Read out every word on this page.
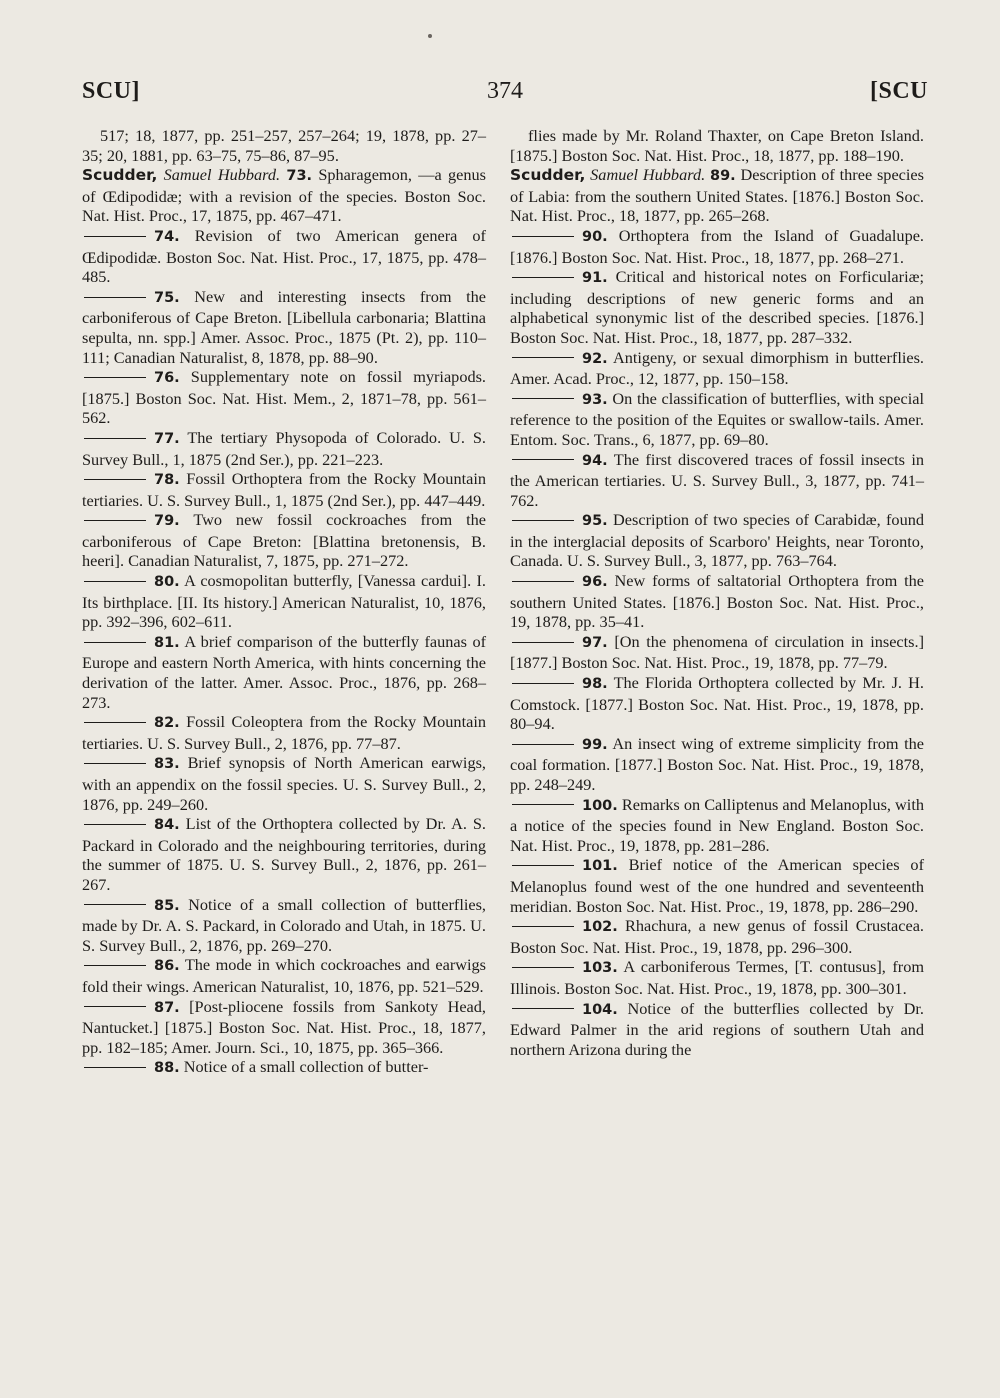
SCU]	374	[SCU
517; 18, 1877, pp. 251–257, 257–264; 19, 1878, pp. 27–35; 20, 1881, pp. 63–75, 75–86, 87–95.
Scudder, Samuel Hubbard. 73. Spharagemon, —a genus of Œdipodidæ; with a revision of the species. Boston Soc. Nat. Hist. Proc., 17, 1875, pp. 467–471.
74. Revision of two American genera of Œdipodidæ. Boston Soc. Nat. Hist. Proc., 17, 1875, pp. 478–485.
75. New and interesting insects from the carboniferous of Cape Breton. [Libellula carbonaria; Blattina sepulta, nn. spp.] Amer. Assoc. Proc., 1875 (Pt. 2), pp. 110–111; Canadian Naturalist, 8, 1878, pp. 88–90.
76. Supplementary note on fossil myriapods. [1875.] Boston Soc. Nat. Hist. Mem., 2, 1871–78, pp. 561–562.
77. The tertiary Physopoda of Colorado. U. S. Survey Bull., 1, 1875 (2nd Ser.), pp. 221–223.
78. Fossil Orthoptera from the Rocky Mountain tertiaries. U. S. Survey Bull., 1, 1875 (2nd Ser.), pp. 447–449.
79. Two new fossil cockroaches from the carboniferous of Cape Breton: [Blattina bretonensis, B. heeri]. Canadian Naturalist, 7, 1875, pp. 271–272.
80. A cosmopolitan butterfly, [Vanessa cardui]. I. Its birthplace. [II. Its history.] American Naturalist, 10, 1876, pp. 392–396, 602–611.
81. A brief comparison of the butterfly faunas of Europe and eastern North America, with hints concerning the derivation of the latter. Amer. Assoc. Proc., 1876, pp. 268–273.
82. Fossil Coleoptera from the Rocky Mountain tertiaries. U. S. Survey Bull., 2, 1876, pp. 77–87.
83. Brief synopsis of North American earwigs, with an appendix on the fossil species. U. S. Survey Bull., 2, 1876, pp. 249–260.
84. List of the Orthoptera collected by Dr. A. S. Packard in Colorado and the neighbouring territories, during the summer of 1875. U. S. Survey Bull., 2, 1876, pp. 261–267.
85. Notice of a small collection of butterflies, made by Dr. A. S. Packard, in Colorado and Utah, in 1875. U. S. Survey Bull., 2, 1876, pp. 269–270.
86. The mode in which cockroaches and earwigs fold their wings. American Naturalist, 10, 1876, pp. 521–529.
87. [Post-pliocene fossils from Sankoty Head, Nantucket.] [1875.] Boston Soc. Nat. Hist. Proc., 18, 1877, pp. 182–185; Amer. Journ. Sci., 10, 1875, pp. 365–366.
88. Notice of a small collection of butter-
flies made by Mr. Roland Thaxter, on Cape Breton Island. [1875.] Boston Soc. Nat. Hist. Proc., 18, 1877, pp. 188–190.
Scudder, Samuel Hubbard. 89. Description of three species of Labia: from the southern United States. [1876.] Boston Soc. Nat. Hist. Proc., 18, 1877, pp. 265–268.
90. Orthoptera from the Island of Guadalupe. [1876.] Boston Soc. Nat. Hist. Proc., 18, 1877, pp. 268–271.
91. Critical and historical notes on Forficulariæ; including descriptions of new generic forms and an alphabetical synonymic list of the described species. [1876.] Boston Soc. Nat. Hist. Proc., 18, 1877, pp. 287–332.
92. Antigeny, or sexual dimorphism in butterflies. Amer. Acad. Proc., 12, 1877, pp. 150–158.
93. On the classification of butterflies, with special reference to the position of the Equites or swallow-tails. Amer. Entom. Soc. Trans., 6, 1877, pp. 69–80.
94. The first discovered traces of fossil insects in the American tertiaries. U. S. Survey Bull., 3, 1877, pp. 741–762.
95. Description of two species of Carabidæ, found in the interglacial deposits of Scarboro' Heights, near Toronto, Canada. U. S. Survey Bull., 3, 1877, pp. 763–764.
96. New forms of saltatorial Orthoptera from the southern United States. [1876.] Boston Soc. Nat. Hist. Proc., 19, 1878, pp. 35–41.
97. [On the phenomena of circulation in insects.] [1877.] Boston Soc. Nat. Hist. Proc., 19, 1878, pp. 77–79.
98. The Florida Orthoptera collected by Mr. J. H. Comstock. [1877.] Boston Soc. Nat. Hist. Proc., 19, 1878, pp. 80–94.
99. An insect wing of extreme simplicity from the coal formation. [1877.] Boston Soc. Nat. Hist. Proc., 19, 1878, pp. 248–249.
100. Remarks on Calliptenus and Melanoplus, with a notice of the species found in New England. Boston Soc. Nat. Hist. Proc., 19, 1878, pp. 281–286.
101. Brief notice of the American species of Melanoplus found west of the one hundred and seventeenth meridian. Boston Soc. Nat. Hist. Proc., 19, 1878, pp. 286–290.
102. Rhachura, a new genus of fossil Crustacea. Boston Soc. Nat. Hist. Proc., 19, 1878, pp. 296–300.
103. A carboniferous Termes, [T. contusus], from Illinois. Boston Soc. Nat. Hist. Proc., 19, 1878, pp. 300–301.
104. Notice of the butterflies collected by Dr. Edward Palmer in the arid regions of southern Utah and northern Arizona during the
